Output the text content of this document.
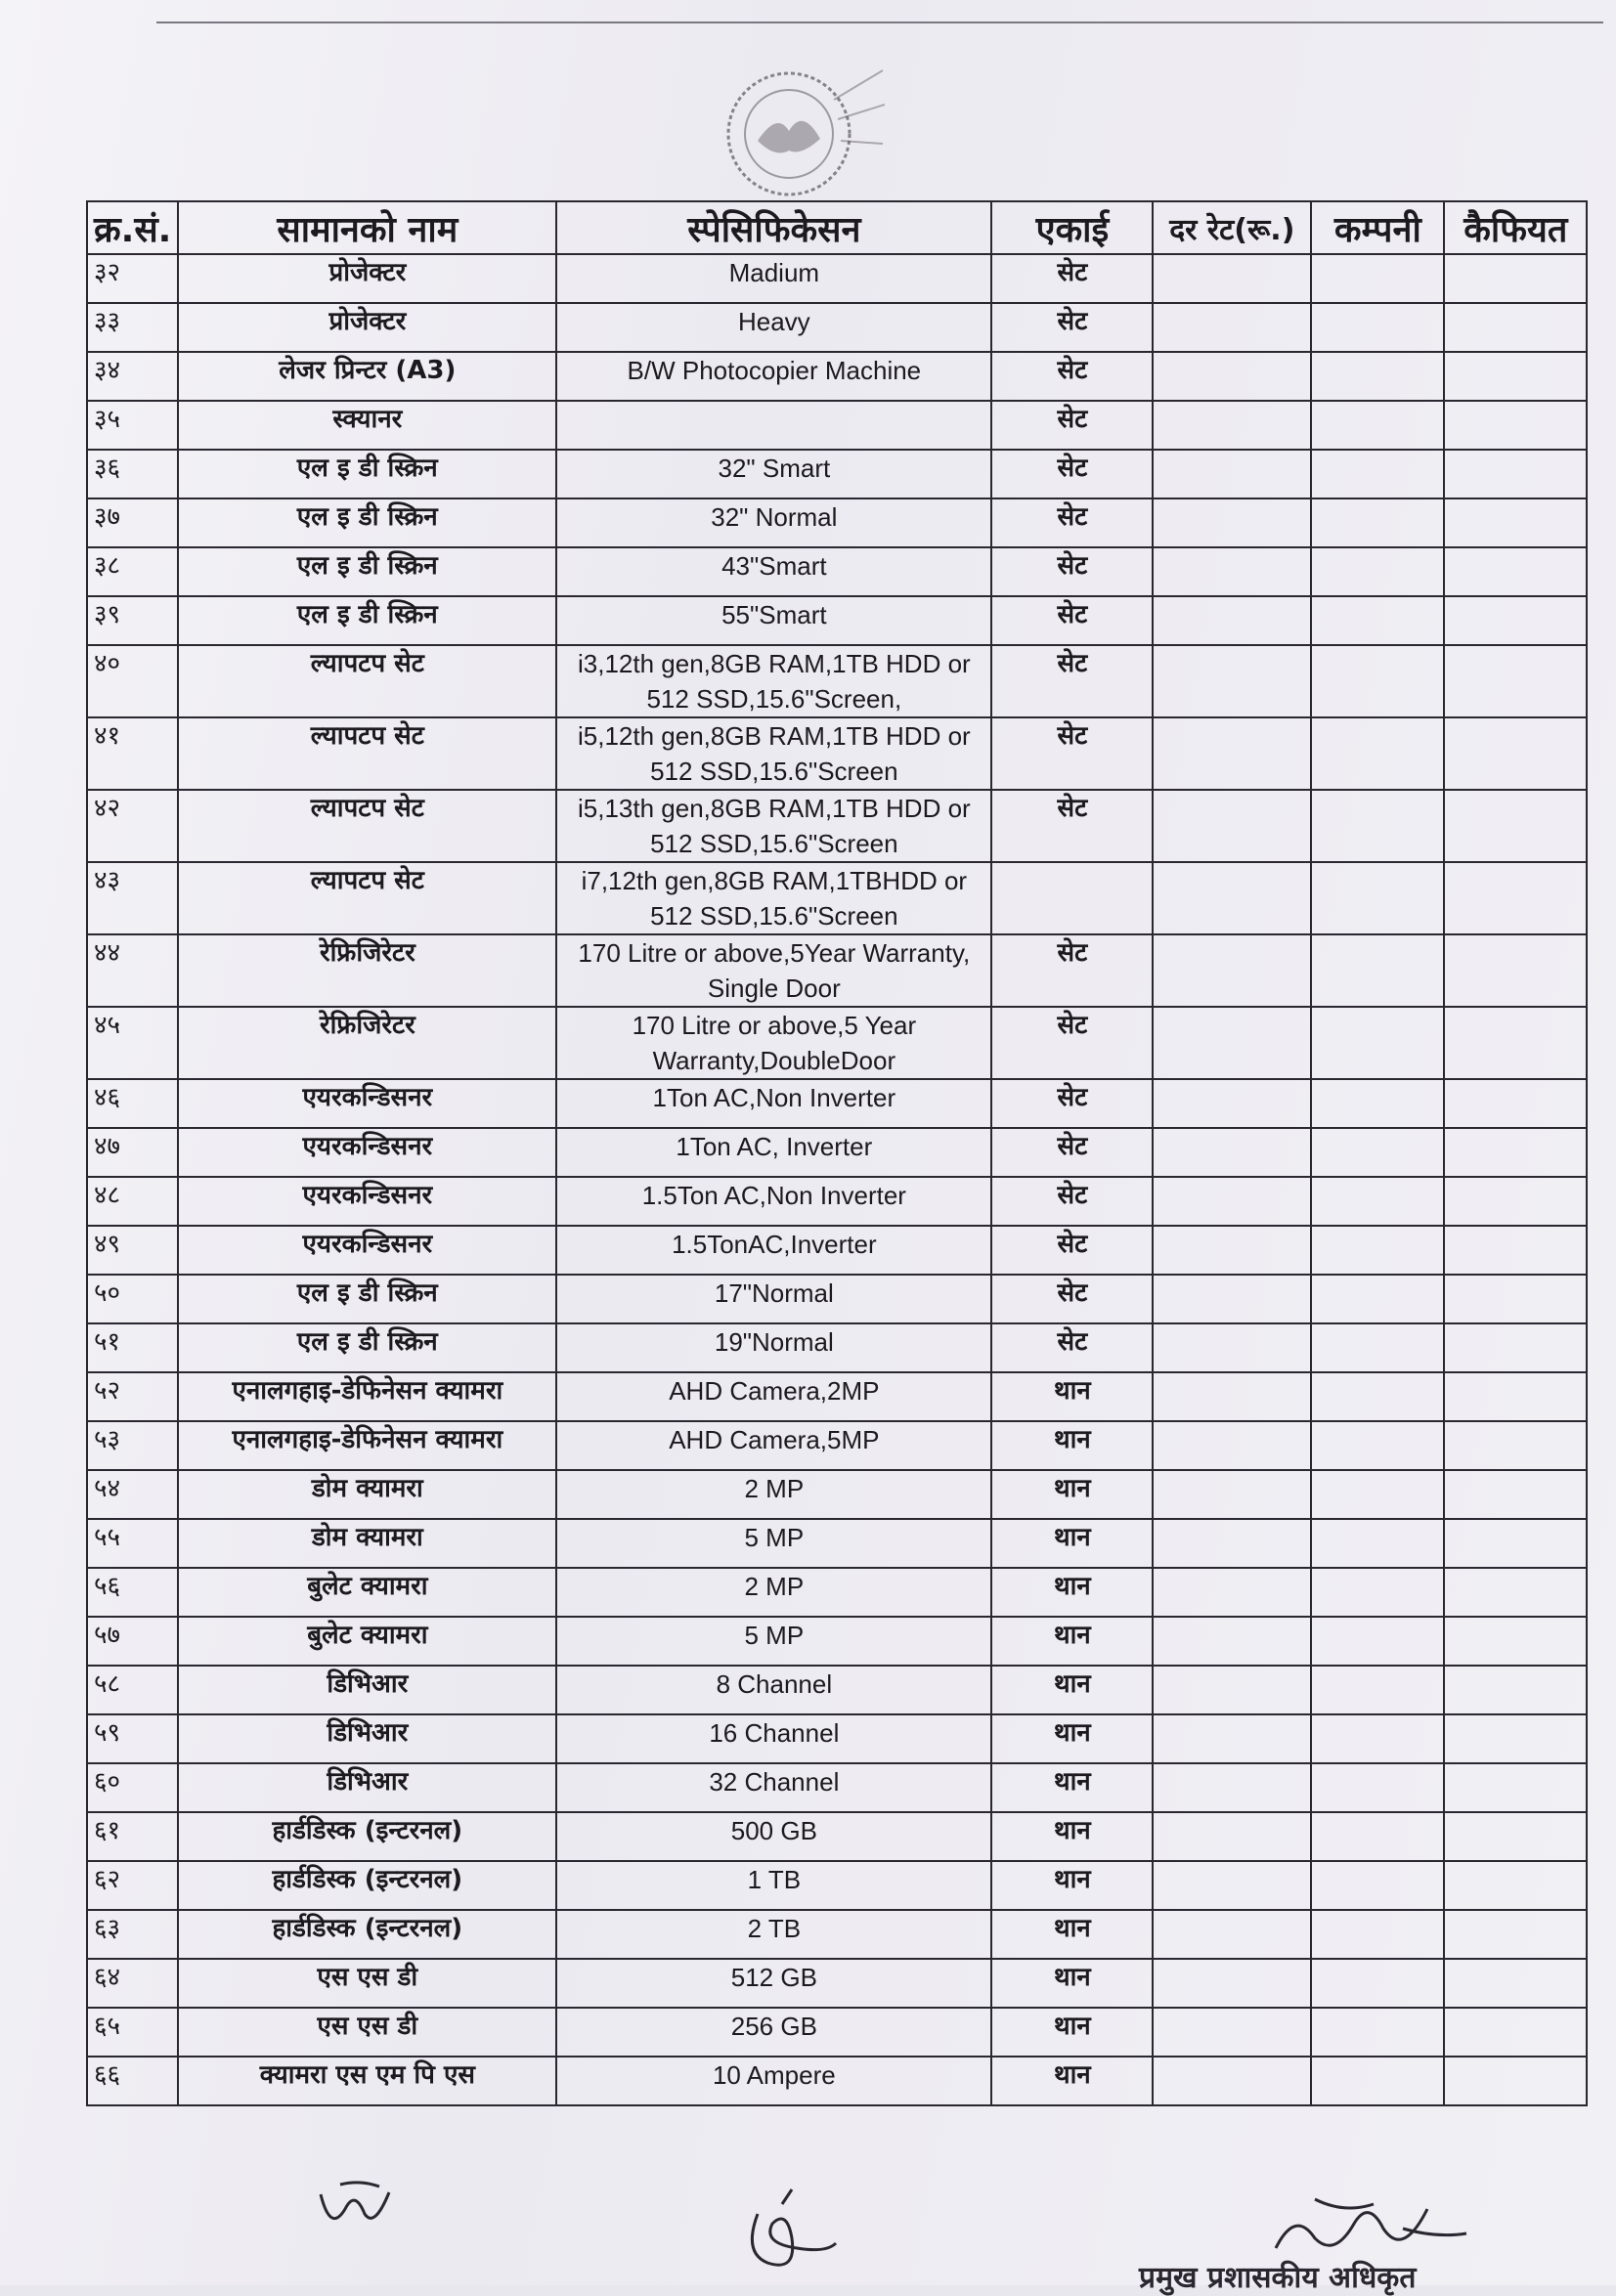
क्र.सं.	सामानको नाम	स्पेसिफिकेसन	एकाई	दर रेट(रू.)	कम्पनी	कैफियत
३२	प्रोजेक्टर	Madium	सेट			
३३	प्रोजेक्टर	Heavy	सेट			
३४	लेजर प्रिन्टर (A3)	B/W Photocopier Machine	सेट			
३५	स्क्यानर		सेट			
३६	एल इ डी स्क्रिन	32" Smart	सेट			
३७	एल इ डी स्क्रिन	32" Normal	सेट			
३८	एल इ डी स्क्रिन	43"Smart	सेट			
३९	एल इ डी स्क्रिन	55"Smart	सेट			
४०	ल्यापटप सेट	i3,12th gen,8GB RAM,1TB HDD or 512 SSD,15.6"Screen,	सेट			
४१	ल्यापटप सेट	i5,12th gen,8GB RAM,1TB HDD or 512 SSD,15.6"Screen	सेट			
४२	ल्यापटप सेट	i5,13th gen,8GB RAM,1TB HDD or 512 SSD,15.6"Screen	सेट			
४३	ल्यापटप सेट	i7,12th gen,8GB RAM,1TBHDD or 512 SSD,15.6"Screen				
४४	रेफ्रिजिरेटर	170 Litre or above,5Year Warranty, Single Door	सेट			
४५	रेफ्रिजिरेटर	170 Litre or above,5 Year Warranty,DoubleDoor	सेट			
४६	एयरकन्डिसनर	1Ton AC,Non Inverter	सेट			
४७	एयरकन्डिसनर	1Ton AC, Inverter	सेट			
४८	एयरकन्डिसनर	1.5Ton AC,Non Inverter	सेट			
४९	एयरकन्डिसनर	1.5TonAC,Inverter	सेट			
५०	एल इ डी स्क्रिन	17"Normal	सेट			
५१	एल इ डी स्क्रिन	19"Normal	सेट			
५२	एनालगहाइ-डेफिनेसन क्यामरा	AHD Camera,2MP	थान			
५३	एनालगहाइ-डेफिनेसन क्यामरा	AHD Camera,5MP	थान			
५४	डोम क्यामरा	2 MP	थान			
५५	डोम क्यामरा	5 MP	थान			
५६	बुलेट क्यामरा	2 MP	थान			
५७	बुलेट क्यामरा	5 MP	थान			
५८	डिभिआर	8 Channel	थान			
५९	डिभिआर	16 Channel	थान			
६०	डिभिआर	32 Channel	थान			
६१	हार्डडिस्क (इन्टरनल)	500 GB	थान			
६२	हार्डडिस्क (इन्टरनल)	1 TB	थान			
६३	हार्डडिस्क (इन्टरनल)	2 TB	थान			
६४	एस एस डी	512 GB	थान			
६५	एस एस डी	256 GB	थान			
६६	क्यामरा एस एम पि एस	10 Ampere	थान			
प्रमुख प्रशासकीय अधिकृत
